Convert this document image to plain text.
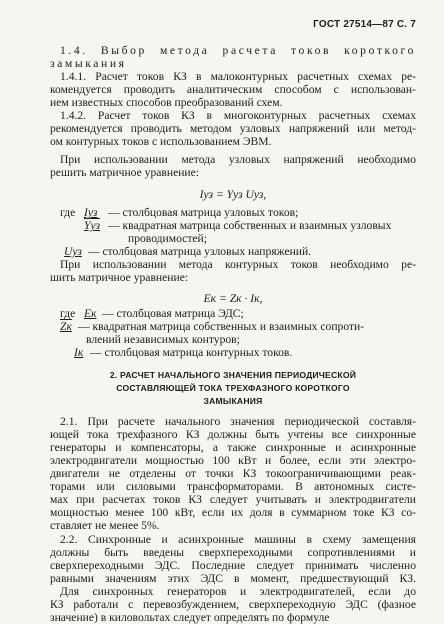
ГОСТ 27514—87 С. 7
1.4. Выбор метода расчета токов короткого
замыкания
1.4.1. Расчет токов КЗ в малоконтурных расчетных схемах ре-
комендуется проводить аналитическим способом с использован-
ием известных способов преобразований схем.
1.4.2. Расчет токов КЗ в многоконтурных расчетных схемах
рекомендуется проводить методом узловых напряжений или метод-
ом контурных токов с использованием ЭВМ.
При использовании метода узловых напряжений необходимо
решить матричное уравнение:
Iуз = Yуз Uуз,
где Iуз — столбцовая матрица узловых токов;
Yуз — квадратная матрица собственных и взаимных узловых
проводимостей;
Uуз — столбцовая матрица узловых напряжений.
При использовании метода контурных токов необходимо ре-
шить матричное уравнение:
Eк = Zк · Iк,
где Eк — столбцовая матрица ЭДС;
Zк — квадратная матрица собственных и взаимных сопроти-
влений независимых контуров;
Iк — столбцовая матрица контурных токов.
2. РАСЧЕТ НАЧАЛЬНОГО ЗНАЧЕНИЯ ПЕРИОДИЧЕСКОЙ
СОСТАВЛЯЮЩЕЙ ТОКА ТРЕХФАЗНОГО КОРОТКОГО
ЗАМЫКАНИЯ
2.1. При расчете начального значения периодической составля-
ющей тока трехфазного КЗ должны быть учтены все синхронные
генераторы и компенсаторы, а также синхронные и асинхронные
электродвигатели мощностью 100 кВт и более, если эти электро-
двигатели не отделены от точки КЗ токоограничивающими реак-
торами или силовыми трансформаторами. В автономных систе-
мах при расчетах токов КЗ следует учитывать и электродвигатели
мощностью менее 100 кВт, если их доля в суммарном токе КЗ со-
ставляет не менее 5%.
2.2. Синхронные и асинхронные машины в схему замещения
должны быть введены сверхпереходными сопротивлениями и
сверхпереходными ЭДС. Последние следует принимать численно
равными значениям этих ЭДС в момент, предшествующий КЗ.
Для синхронных генераторов и электродвигателей, если до
КЗ работали с перевозбуждением, сверхпереходную ЭДС (фазное
значение) в киловольтах следует определять по формуле
